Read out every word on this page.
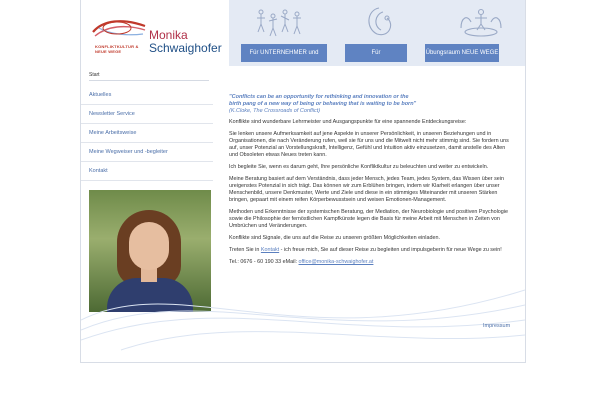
KONFLIKTKULTUR & NEUE WEGE
Monika
Schwaighofer	Für UNTERNEHMER und TEAMS
Für EINZELPERSONEN
Übungsraum NEUE WEGE
Start
Aktuelles
Newsletter Service
Meine Arbeitsweise
Meine Wegweiser und -begleiter
Kontakt

"Conflicts can be an opportunity for rethinking and innovation or the

birth pang of a new way of being or behaving that is waiting to be born"

(K.Cloke, The Crossroads of Conflict)

Konflikte sind wunderbare Lehrmeister und Ausgangspunkte für eine spannende Entdeckungsreise:

Sie lenken unsere Aufmerksamkeit auf jene Aspekte in unserer Persönlichkeit, in unseren Beziehungen und in Organisationen, die nach Veränderung rufen, weil sie für uns und die Mitwelt nicht mehr stimmig sind. Sie fordern uns auf, unser Potenzial an Vorstellungskraft, Intelligenz, Gefühl und Intuition aktiv einzusetzen, damit anstelle des Alten und Obsoleten etwas Neues treten kann.

Ich begleite Sie, wenn es darum geht, Ihre persönliche Konfliktkultur zu beleuchten und weiter zu entwickeln.

Meine Beratung basiert auf dem Verständnis, dass jeder Mensch, jedes Team, jedes System, das Wissen über sein ureigenstes Potenzial in sich trägt. Das können wir zum Erblühen bringen, indem wir Klarheit erlangen über unser Menschenbild, unsere Denkmuster, Werte und Ziele und diese in ein stimmiges Miteinander mit unseren Stärken bringen, gepaart mit einem reifen Körperbewusstsein und weisen Emotionen-Management.

Methoden und Erkenntnisse der systemischen Beratung, der Mediation, der Neurobiologie und positiven Psychologie sowie die Philosophie der fernöstlichen Kampfkünste legen die Basis für meine Arbeit mit Menschen in Zeiten von Umbrüchen und Veränderungen.

Konflikte sind Signale, die uns auf die Reise zu unseren größten Möglichkeiten einladen.

Treten Sie in Kontakt - ich freue mich, Sie auf dieser Reise zu begleiten und impulsgeberin für neue Wege zu sein!

Tel.: 0676 - 60 190 33 eMail: office@monika-schwaighofer.at

Impressum
